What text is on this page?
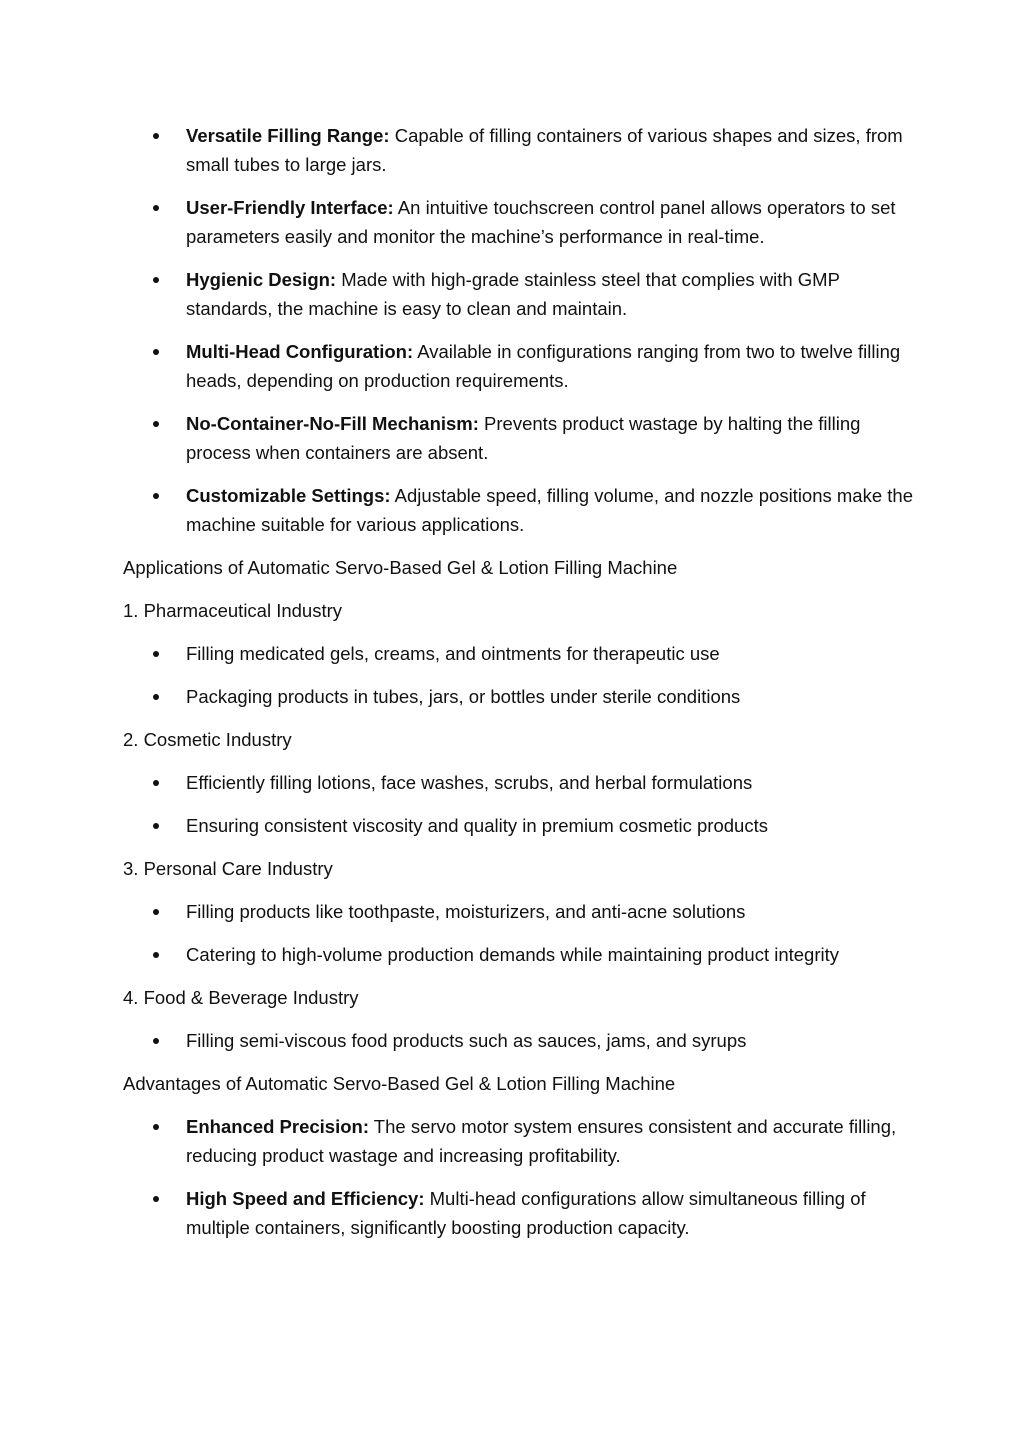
Versatile Filling Range: Capable of filling containers of various shapes and sizes, from small tubes to large jars.
User-Friendly Interface: An intuitive touchscreen control panel allows operators to set parameters easily and monitor the machine’s performance in real-time.
Hygienic Design: Made with high-grade stainless steel that complies with GMP standards, the machine is easy to clean and maintain.
Multi-Head Configuration: Available in configurations ranging from two to twelve filling heads, depending on production requirements.
No-Container-No-Fill Mechanism: Prevents product wastage by halting the filling process when containers are absent.
Customizable Settings: Adjustable speed, filling volume, and nozzle positions make the machine suitable for various applications.

Applications of Automatic Servo-Based Gel & Lotion Filling Machine

1. Pharmaceutical Industry

Filling medicated gels, creams, and ointments for therapeutic use
Packaging products in tubes, jars, or bottles under sterile conditions

2. Cosmetic Industry

Efficiently filling lotions, face washes, scrubs, and herbal formulations
Ensuring consistent viscosity and quality in premium cosmetic products

3. Personal Care Industry

Filling products like toothpaste, moisturizers, and anti-acne solutions
Catering to high-volume production demands while maintaining product integrity

4. Food & Beverage Industry

Filling semi-viscous food products such as sauces, jams, and syrups

Advantages of Automatic Servo-Based Gel & Lotion Filling Machine

Enhanced Precision: The servo motor system ensures consistent and accurate filling, reducing product wastage and increasing profitability.
High Speed and Efficiency: Multi-head configurations allow simultaneous filling of multiple containers, significantly boosting production capacity.
